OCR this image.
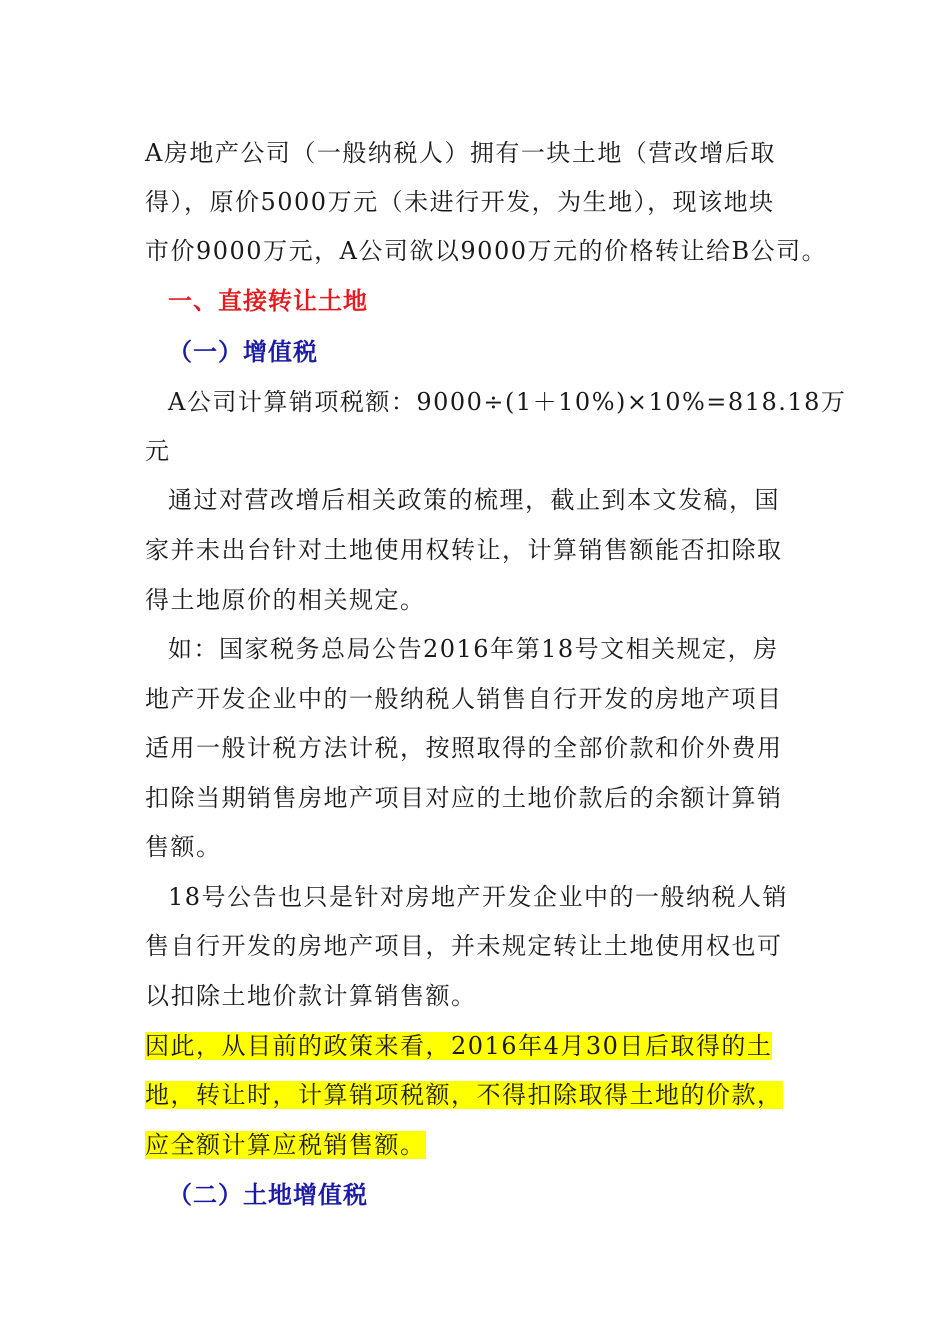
A房地产公司（一般纳税人）拥有一块土地（营改增后取
得），原价5000万元（未进行开发，为生地），现该地块
市价9000万元，A公司欲以9000万元的价格转让给B公司。
一、直接转让土地
（一）增值税
A公司计算销项税额：9000÷(1＋10%)×10%=818.18万
元
通过对营改增后相关政策的梳理，截止到本文发稿，国
家并未出台针对土地使用权转让，计算销售额能否扣除取
得土地原价的相关规定。
如：国家税务总局公告2016年第18号文相关规定，房
地产开发企业中的一般纳税人销售自行开发的房地产项目
适用一般计税方法计税，按照取得的全部价款和价外费用
扣除当期销售房地产项目对应的土地价款后的余额计算销
售额。
18号公告也只是针对房地产开发企业中的一般纳税人销
售自行开发的房地产项目，并未规定转让土地使用权也可
以扣除土地价款计算销售额。
因此，从目前的政策来看，2016年4月30日后取得的土
地，转让时，计算销项税额，不得扣除取得土地的价款，
应全额计算应税销售额。
（二）土地增值税
